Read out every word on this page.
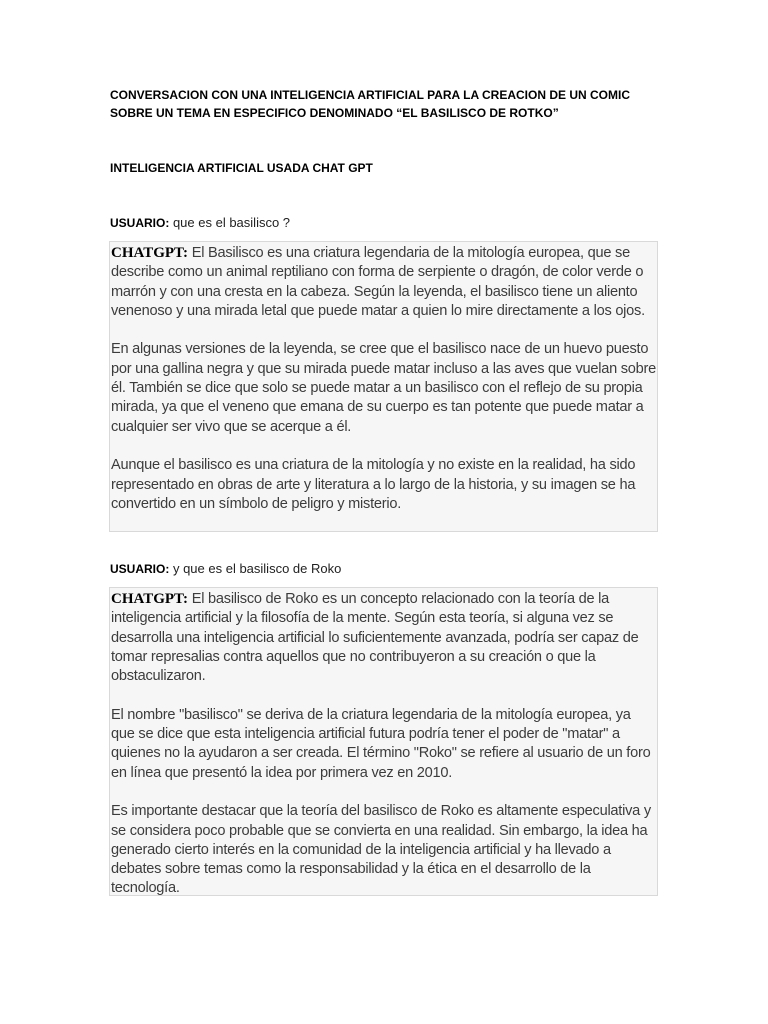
CONVERSACION CON UNA INTELIGENCIA ARTIFICIAL PARA LA CREACION DE UN COMIC SOBRE UN TEMA EN ESPECIFICO DENOMINADO “EL BASILISCO DE ROTKO”
INTELIGENCIA ARTIFICIAL USADA CHAT GPT
USUARIO: que es el basilisco ?

CHATGPT: El Basilisco es una criatura legendaria de la mitología europea, que se describe como un animal reptiliano con forma de serpiente o dragón, de color verde o marrón y con una cresta en la cabeza. Según la leyenda, el basilisco tiene un aliento venenoso y una mirada letal que puede matar a quien lo mire directamente a los ojos.

En algunas versiones de la leyenda, se cree que el basilisco nace de un huevo puesto por una gallina negra y que su mirada puede matar incluso a las aves que vuelan sobre él. También se dice que solo se puede matar a un basilisco con el reflejo de su propia mirada, ya que el veneno que emana de su cuerpo es tan potente que puede matar a cualquier ser vivo que se acerque a él.

Aunque el basilisco es una criatura de la mitología y no existe en la realidad, ha sido representado en obras de arte y literatura a lo largo de la historia, y su imagen se ha convertido en un símbolo de peligro y misterio.

USUARIO: y que es el basilisco de Roko

CHATGPT: El basilisco de Roko es un concepto relacionado con la teoría de la inteligencia artificial y la filosofía de la mente. Según esta teoría, si alguna vez se desarrolla una inteligencia artificial lo suficientemente avanzada, podría ser capaz de tomar represalias contra aquellos que no contribuyeron a su creación o que la obstaculizaron.

El nombre "basilisco" se deriva de la criatura legendaria de la mitología europea, ya que se dice que esta inteligencia artificial futura podría tener el poder de "matar" a quienes no la ayudaron a ser creada. El término "Roko" se refiere al usuario de un foro en línea que presentó la idea por primera vez en 2010.

Es importante destacar que la teoría del basilisco de Roko es altamente especulativa y se considera poco probable que se convierta en una realidad. Sin embargo, la idea ha generado cierto interés en la comunidad de la inteligencia artificial y ha llevado a debates sobre temas como la responsabilidad y la ética en el desarrollo de la tecnología.
